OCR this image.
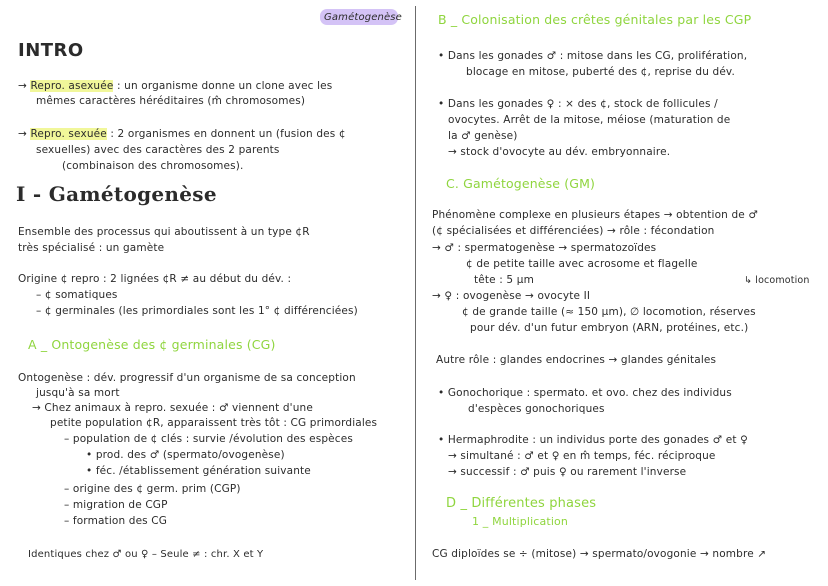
Gamétogenèse
INTRO
→ Repro. asexuée : un organisme donne un clone avec les
mêmes caractères héréditaires (m̂ chromosomes)
→ Repro. sexuée : 2 organismes en donnent un (fusion des ¢
sexuelles) avec des caractères des 2 parents
(combinaison des chromosomes).
I - Gamétogenèse
Ensemble des processus qui aboutissent à un type ¢R
très spécialisé : un gamète
Origine ¢ repro : 2 lignées ¢R ≠ au début du dév. :
– ¢ somatiques
– ¢ germinales (les primordiales sont les 1° ¢ différenciées)
A _ Ontogenèse des ¢ germinales (CG)
Ontogenèse : dév. progressif d'un organisme de sa conception
jusqu'à sa mort
→ Chez animaux à repro. sexuée : ♂ viennent d'une
petite population ¢R, apparaissent très tôt : CG primordiales
– population de ¢ clés : survie /évolution des espèces
• prod. des ♂ (spermato/ovogenèse)
• féc. /établissement génération suivante
– origine des ¢ germ. prim (CGP)
– migration de CGP
– formation des CG
Identiques chez ♂ ou ♀ – Seule ≠ : chr. X et Y
B _ Colonisation des crêtes génitales par les CGP
• Dans les gonades ♂ : mitose dans les CG, prolifération,
blocage en mitose, puberté des ¢, reprise du dév.
• Dans les gonades ♀ : × des ¢, stock de follicules /
ovocytes. Arrêt de la mitose, méiose (maturation de
la ♂ genèse)
→ stock d'ovocyte au dév. embryonnaire.
C. Gamétogenèse (GM)
Phénomène complexe en plusieurs étapes → obtention de ♂
(¢ spécialisées et différenciées) → rôle : fécondation
→ ♂ : spermatogenèse → spermatozoïdes
¢ de petite taille avec acrosome et flagelle
tête : 5 μm	↳ locomotion
→ ♀ : ovogenèse → ovocyte II
¢ de grande taille (≈ 150 μm), ∅ locomotion, réserves
pour dév. d'un futur embryon (ARN, protéines, etc.)
Autre rôle : glandes endocrines → glandes génitales
• Gonochorique : spermato. et ovo. chez des individus
d'espèces gonochoriques
• Hermaphrodite : un individus porte des gonades ♂ et ♀
→ simultané : ♂ et ♀ en m̂ temps, féc. réciproque
→ successif : ♂ puis ♀ ou rarement l'inverse
D _ Différentes phases
1 _ Multiplication
CG diploïdes se ÷ (mitose) → spermato/ovogonie → nombre ↗
